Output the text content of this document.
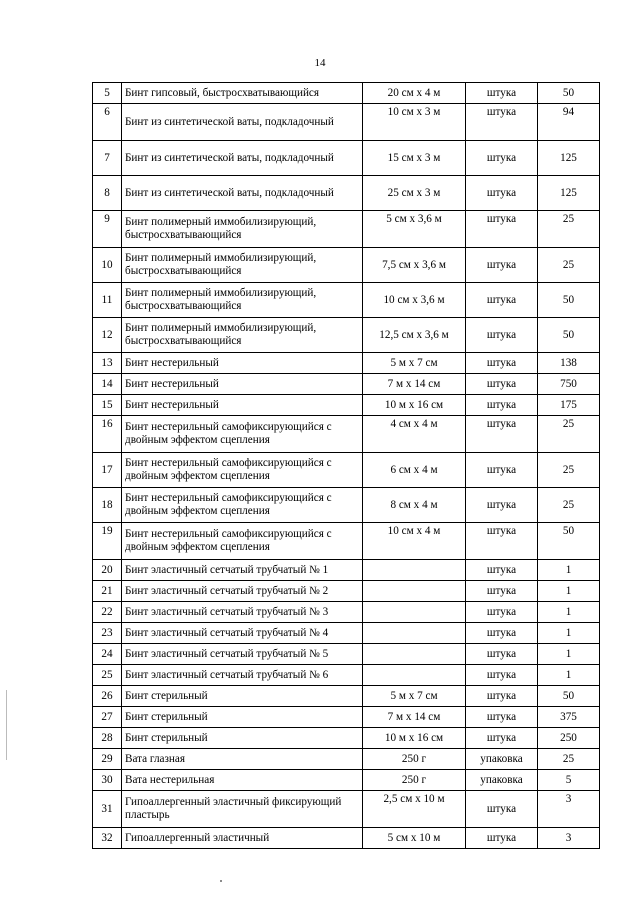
14
5	Бинт гипсовый, быстросхватывающийся	20 см х 4 м	штука	50
6	Бинт из синтетической ваты, подкладочный	10 см х 3 м	штука	94
7	Бинт из синтетической ваты, подкладочный	15 см х 3 м	штука	125
8	Бинт из синтетической ваты, подкладочный	25 см х 3 м	штука	125
9	Бинт полимерный иммобилизирующий, быстросхватывающийся	5 см х 3,6 м	штука	25
10	Бинт полимерный иммобилизирующий, быстросхватывающийся	7,5 см х 3,6 м	штука	25
11	Бинт полимерный иммобилизирующий, быстросхватывающийся	10 см х 3,6 м	штука	50
12	Бинт полимерный иммобилизирующий, быстросхватывающийся	12,5 см х 3,6 м	штука	50
13	Бинт нестерильный	5 м х 7 см	штука	138
14	Бинт нестерильный	7 м х 14 см	штука	750
15	Бинт нестерильный	10 м х 16 см	штука	175
16	Бинт нестерильный самофиксирующийся с двойным эффектом сцепления	4 см х 4 м	штука	25
17	Бинт нестерильный самофиксирующийся с двойным эффектом сцепления	6 см х 4 м	штука	25
18	Бинт нестерильный самофиксирующийся с двойным эффектом сцепления	8 см х 4 м	штука	25
19	Бинт нестерильный самофиксирующийся с двойным эффектом сцепления	10 см х 4 м	штука	50
20	Бинт эластичный сетчатый трубчатый № 1		штука	1
21	Бинт эластичный сетчатый трубчатый № 2		штука	1
22	Бинт эластичный сетчатый трубчатый № 3		штука	1
23	Бинт эластичный сетчатый трубчатый № 4		штука	1
24	Бинт эластичный сетчатый трубчатый № 5		штука	1
25	Бинт эластичный сетчатый трубчатый № 6		штука	1
26	Бинт стерильный	5 м х 7 см	штука	50
27	Бинт стерильный	7 м х 14 см	штука	375
28	Бинт стерильный	10 м х 16 см	штука	250
29	Вата глазная	250 г	упаковка	25
30	Вата нестерильная	250 г	упаковка	5
31	Гипоаллергенный эластичный фиксирующий пластырь	2,5 см х 10 м	штука	3
32	Гипоаллергенный эластичный	5 см х 10 м	штука	3
